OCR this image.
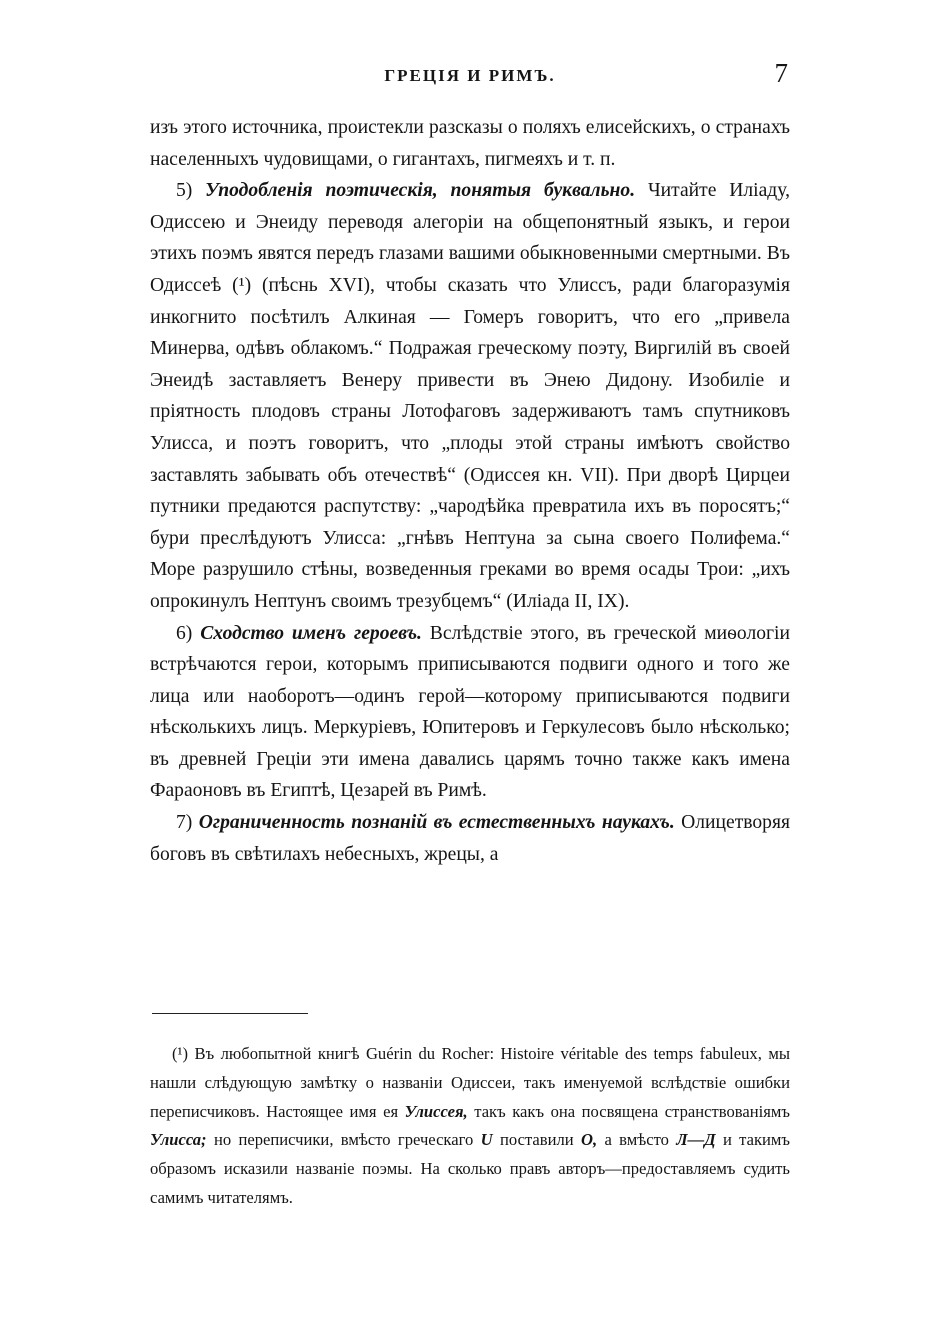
ГРЕЦІЯ И РИМЪ.	7

изъ этого источника, проистекли разсказы о поляхъ елисейскихъ, о странахъ населенныхъ чудовищами, о гигантахъ, пигмеяхъ и т. п.

5) Уподобленія поэтическія, понятыя буквально. Читайте Иліаду, Одиссею и Энеиду переводя алегоріи на общепонятный языкъ, и герои этихъ поэмъ явятся передъ глазами вашими обыкновенными смертными. Въ Одиссеѣ (¹) (пѣснь XVI), чтобы сказать что Улиссъ, ради благоразумія инкогнито посѣтилъ Алкиная — Гомеръ говоритъ, что его „привела Минерва, одѣвъ облакомъ.“ Подражая греческому поэту, Виргилій въ своей Энеидѣ заставляетъ Венеру привести въ Энею Дидону. Изобиліе и пріятность плодовъ страны Лотофаговъ задерживаютъ тамъ спутниковъ Улисса, и поэтъ говоритъ, что „плоды этой страны имѣютъ свойство заставлять забывать объ отечествѣ“ (Одиссея кн. VII). При дворѣ Цирцеи путники предаются распутству: „чародѣйка превратила ихъ въ поросятъ;“ бури преслѣдуютъ Улисса: „гнѣвъ Нептуна за сына своего Полифема.“ Море разрушило стѣны, возведенныя греками во время осады Трои: „ихъ опрокинулъ Нептунъ своимъ трезубцемъ“ (Иліада II, IX).

6) Сходство именъ героевъ. Вслѣдствіе этого, въ греческой миѳологіи встрѣчаются герои, которымъ приписываются подвиги одного и того же лица или наоборотъ—одинъ герой—которому приписываются подвиги нѣсколькихъ лицъ. Меркуріевъ, Юпитеровъ и Геркулесовъ было нѣсколько; въ древней Греціи эти имена давались царямъ точно также какъ имена Фараоновъ въ Египтѣ, Цезарей въ Римѣ.

7) Ограниченность познаній въ естественныхъ наукахъ. Олицетворяя боговъ въ свѣтилахъ небесныхъ, жрецы, а

(¹) Въ любопытной книгѣ Guérin du Rocher: Histoire véritable des temps fabuleux, мы нашли слѣдующую замѣтку о названіи Одиссеи, такъ именуемой вслѣдствіе ошибки переписчиковъ. Настоящее имя ея Улиссея, такъ какъ она посвящена странствованіямъ Улисса; но переписчики, вмѣсто греческаго U поставили O, а вмѣсто Л—Д и такимъ образомъ исказили названіе поэмы. На сколько правъ авторъ—предоставляемъ судить самимъ читателямъ.
